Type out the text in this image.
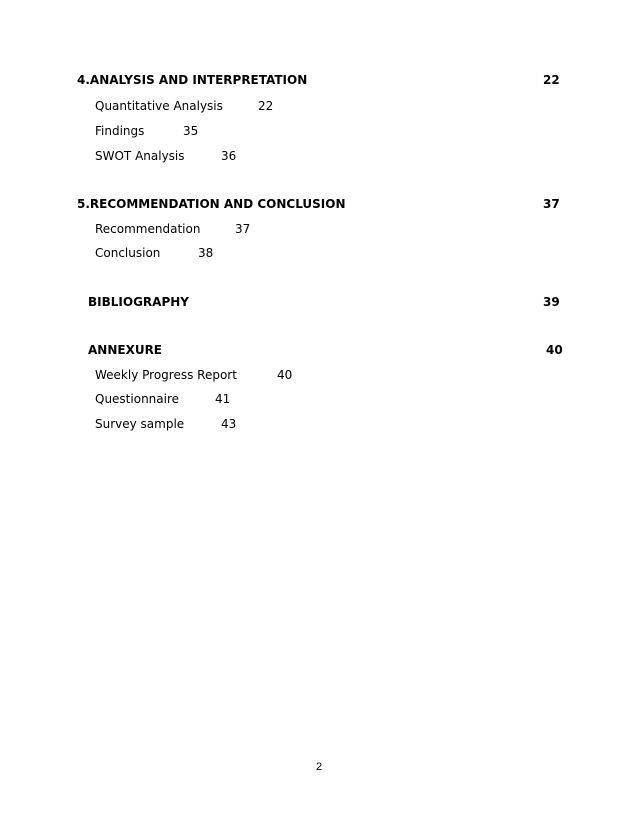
4.ANALYSIS AND INTERPRETATION	22
Quantitative Analysis	22
Findings	35
SWOT Analysis	36
5.RECOMMENDATION AND CONCLUSION	37
Recommendation	37
Conclusion	38
BIBLIOGRAPHY	39
ANNEXURE	40
Weekly Progress Report	40
Questionnaire	41
Survey sample	43
2
